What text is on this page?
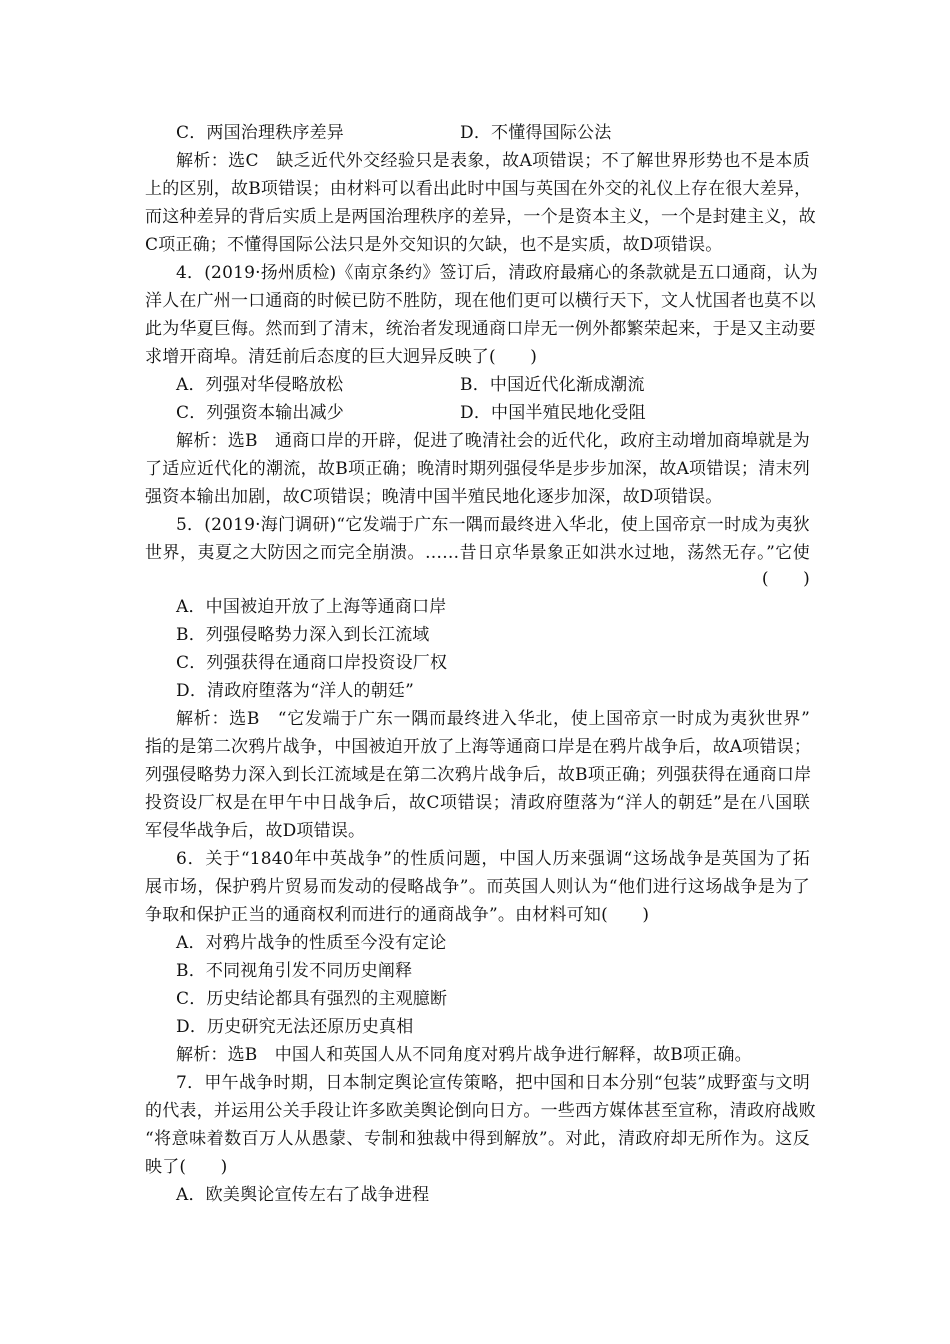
C．两国治理秩序差异	D．不懂得国际公法
解析：选C　缺乏近代外交经验只是表象，故A项错误；不了解世界形势也不是本质
上的区别，故B项错误；由材料可以看出此时中国与英国在外交的礼仪上存在很大差异，
而这种差异的背后实质上是两国治理秩序的差异，一个是资本主义，一个是封建主义，故
C项正确；不懂得国际公法只是外交知识的欠缺，也不是实质，故D项错误。
4．(2019·扬州质检)《南京条约》签订后，清政府最痛心的条款就是五口通商，认为
洋人在广州一口通商的时候已防不胜防，现在他们更可以横行天下，文人忧国者也莫不以
此为华夏巨侮。然而到了清末，统治者发现通商口岸无一例外都繁荣起来，于是又主动要
求增开商埠。清廷前后态度的巨大迥异反映了(　　)
A．列强对华侵略放松	B．中国近代化渐成潮流
C．列强资本输出减少	D．中国半殖民地化受阻
解析：选B　通商口岸的开辟，促进了晚清社会的近代化，政府主动增加商埠就是为
了适应近代化的潮流，故B项正确；晚清时期列强侵华是步步加深，故A项错误；清末列
强资本输出加剧，故C项错误；晚清中国半殖民地化逐步加深，故D项错误。
5．(2019·海门调研)“它发端于广东一隅而最终进入华北，使上国帝京一时成为夷狄
世界，夷夏之大防因之而完全崩溃。……昔日京华景象正如洪水过地，荡然无存。”它使
(　　)
A．中国被迫开放了上海等通商口岸
B．列强侵略势力深入到长江流域
C．列强获得在通商口岸投资设厂权
D．清政府堕落为“洋人的朝廷”
解析：选B　“它发端于广东一隅而最终进入华北，使上国帝京一时成为夷狄世界”
指的是第二次鸦片战争，中国被迫开放了上海等通商口岸是在鸦片战争后，故A项错误；
列强侵略势力深入到长江流域是在第二次鸦片战争后，故B项正确；列强获得在通商口岸
投资设厂权是在甲午中日战争后，故C项错误；清政府堕落为“洋人的朝廷”是在八国联
军侵华战争后，故D项错误。
6．关于“1840年中英战争”的性质问题，中国人历来强调“这场战争是英国为了拓
展市场，保护鸦片贸易而发动的侵略战争”。而英国人则认为“他们进行这场战争是为了
争取和保护正当的通商权利而进行的通商战争”。由材料可知(　　)
A．对鸦片战争的性质至今没有定论
B．不同视角引发不同历史阐释
C．历史结论都具有强烈的主观臆断
D．历史研究无法还原历史真相
解析：选B　中国人和英国人从不同角度对鸦片战争进行解释，故B项正确。
7．甲午战争时期，日本制定舆论宣传策略，把中国和日本分别“包装”成野蛮与文明
的代表，并运用公关手段让许多欧美舆论倒向日方。一些西方媒体甚至宣称，清政府战败
“将意味着数百万人从愚蒙、专制和独裁中得到解放”。对此，清政府却无所作为。这反
映了(　　)
A．欧美舆论宣传左右了战争进程
